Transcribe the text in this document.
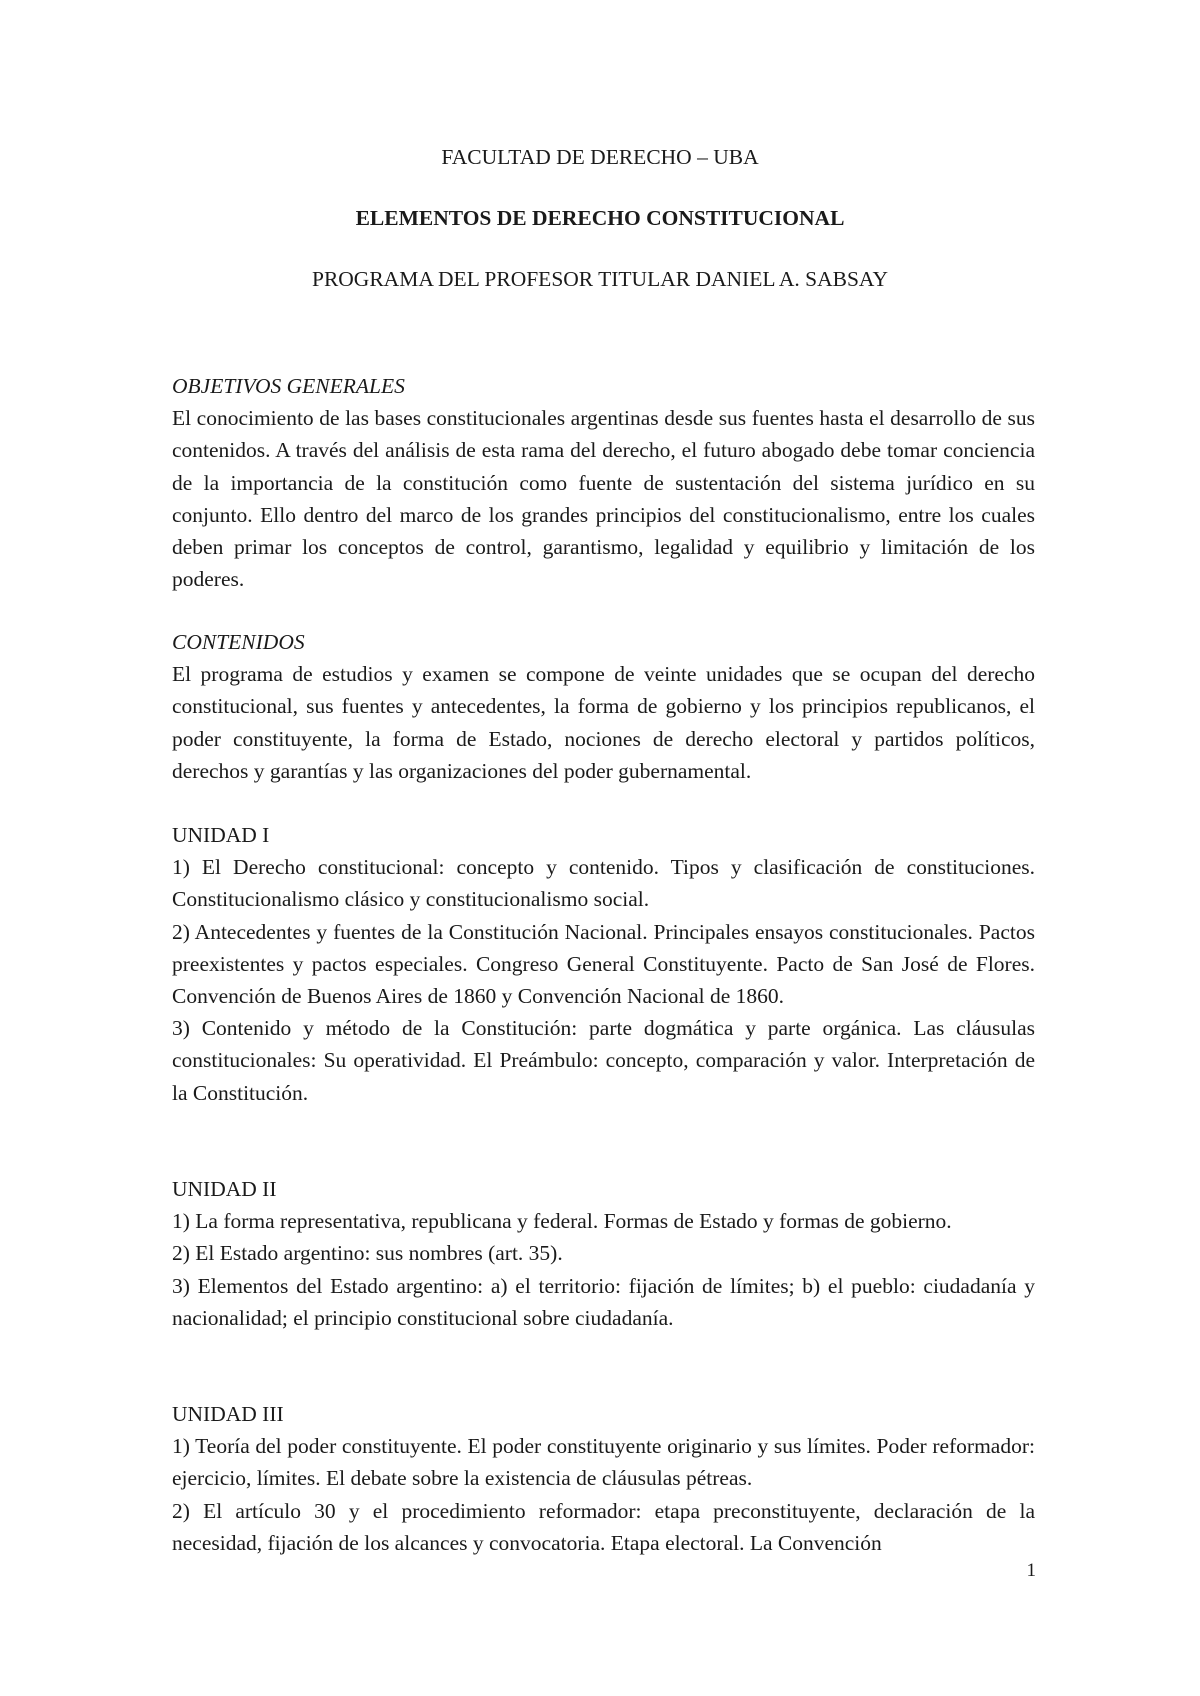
FACULTAD DE DERECHO – UBA

ELEMENTOS DE DERECHO CONSTITUCIONAL

PROGRAMA DEL PROFESOR TITULAR DANIEL A. SABSAY

OBJETIVOS GENERALES

El conocimiento de las bases constitucionales argentinas desde sus fuentes hasta el desarrollo de sus contenidos. A través del análisis de esta rama del derecho, el futuro abogado debe tomar conciencia de la importancia de la constitución como fuente de sustentación del sistema jurídico en su conjunto. Ello dentro del marco de los grandes principios del constitucionalismo, entre los cuales deben primar los conceptos de control, garantismo, legalidad y equilibrio y limitación de los poderes.

CONTENIDOS

El programa de estudios y examen se compone de veinte unidades que se ocupan del derecho constitucional, sus fuentes y antecedentes, la forma de gobierno y los principios republicanos, el poder constituyente, la forma de Estado, nociones de derecho electoral y partidos políticos, derechos y garantías y las organizaciones del poder gubernamental.

UNIDAD I

1) El Derecho constitucional: concepto y contenido. Tipos y clasificación de constituciones. Constitucionalismo clásico y constitucionalismo social.

2) Antecedentes y fuentes de la Constitución Nacional. Principales ensayos constitucionales. Pactos preexistentes y pactos especiales. Congreso General Constituyente. Pacto de San José de Flores. Convención de Buenos Aires de 1860 y Convención Nacional de 1860.

3) Contenido y método de la Constitución: parte dogmática y parte orgánica. Las cláusulas constitucionales: Su operatividad. El Preámbulo: concepto, comparación y valor. Interpretación de la Constitución.

UNIDAD II

1) La forma representativa, republicana y federal. Formas de Estado y formas de gobierno.

2) El Estado argentino: sus nombres (art. 35).

3) Elementos del Estado argentino: a) el territorio: fijación de límites; b) el pueblo: ciudadanía y nacionalidad; el principio constitucional sobre ciudadanía.

UNIDAD III

1) Teoría del poder constituyente. El poder constituyente originario y sus límites. Poder reformador: ejercicio, límites. El debate sobre la existencia de cláusulas pétreas.

2) El artículo 30 y el procedimiento reformador: etapa preconstituyente, declaración de la necesidad, fijación de los alcances y convocatoria. Etapa electoral. La Convención

1
